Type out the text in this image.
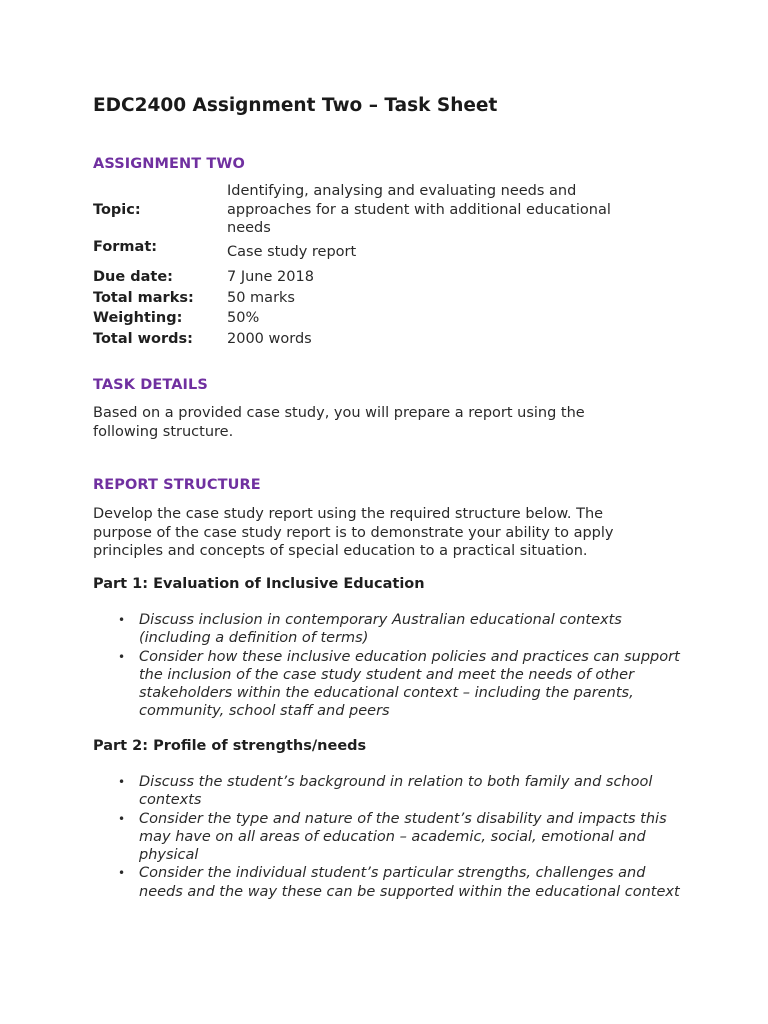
EDC2400 Assignment Two – Task Sheet
ASSIGNMENT TWO
Topic:
Identifying, analysing and evaluating needs and approaches for a student with additional educational needs
Format:	Case study report
Due date:	7 June 2018
Total marks:	50 marks
Weighting:	50%
Total words:	2000 words
TASK DETAILS

Based on a provided case study, you will prepare a report using the following structure.

REPORT STRUCTURE

Develop the case study report using the required structure below. The purpose of the case study report is to demonstrate your ability to apply principles and concepts of special education to a practical situation.

Part 1: Evaluation of Inclusive Education
• Discuss inclusion in contemporary Australian educational contexts (including a definition of terms)
• Consider how these inclusive education policies and practices can support the inclusion of the case study student and meet the needs of other stakeholders within the educational context – including the parents, community, school staff and peers
Part 2: Profile of strengths/needs
• Discuss the student’s background in relation to both family and school contexts
• Consider the type and nature of the student’s disability and impacts this may have on all areas of education – academic, social, emotional and physical
• Consider the individual student’s particular strengths, challenges and needs and the way these can be supported within the educational context
